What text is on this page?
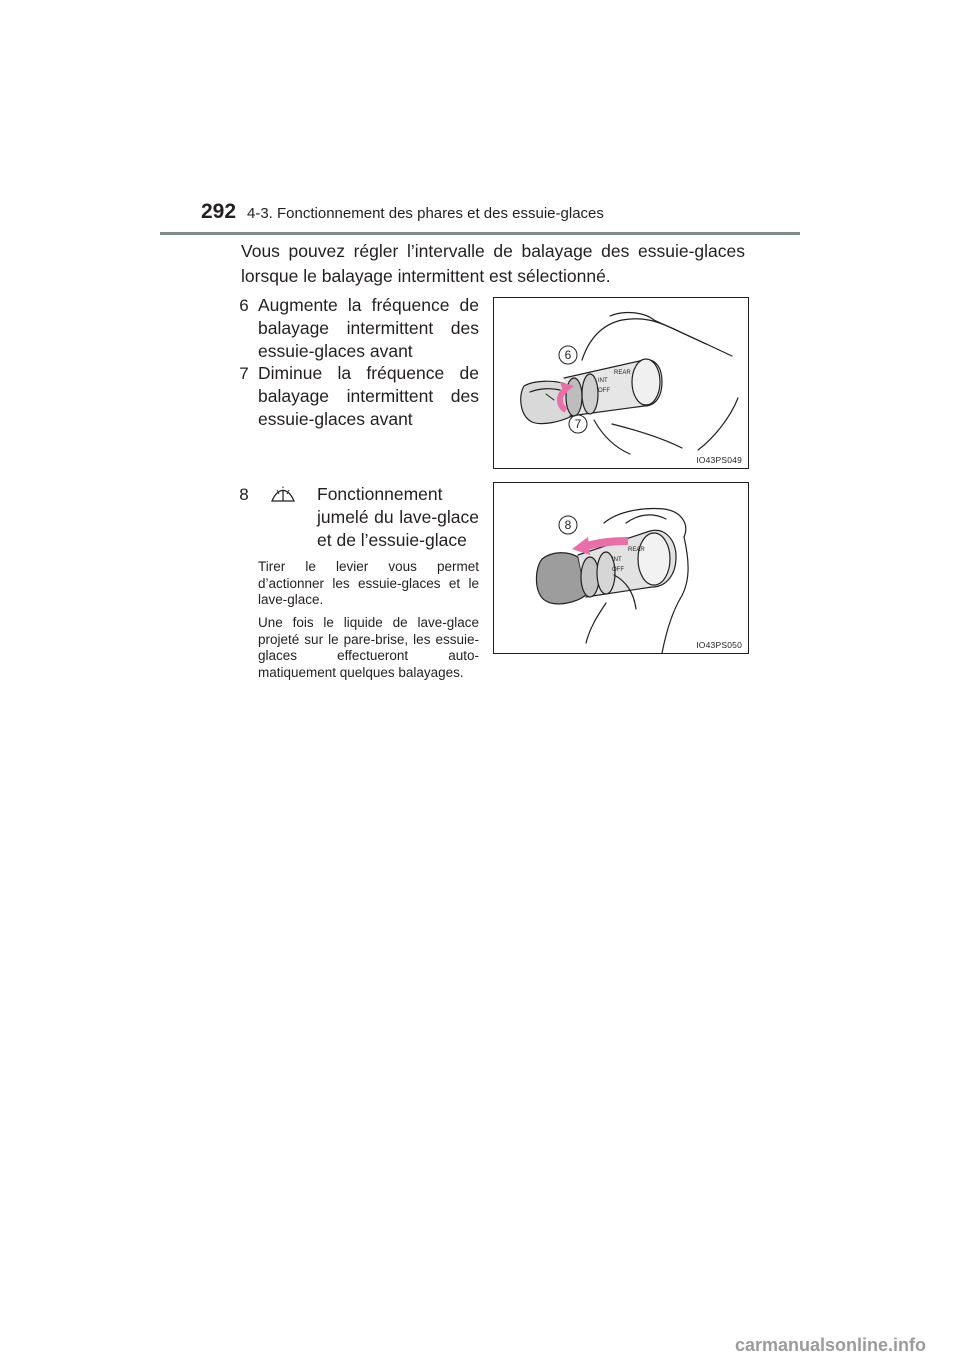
292 4-3. Fonctionnement des phares et des essuie-glaces
Vous pouvez régler l’intervalle de balayage des essuie-glaces lorsque le balayage intermittent est sélectionné.
6 Augmente la fréquence de
balayage intermittent des
essuie-glaces avant
7 Diminue la fréquence de
balayage intermittent des
essuie-glaces avant
INT
OFF
REAR
6
7
IO43PS049
8	Fonctionnement
jumelé du lave-glace
et de l’essuie-glace
Tirer le levier vous permet d’actionner les essuie-glaces et le lave-glace.
Une fois le liquide de lave-glace projeté sur le pare-brise, les essuie-glaces effectueront auto-matiquement quelques balayages.
INT
OFF
REAR
8
IO43PS050
carmanualsonline.info
